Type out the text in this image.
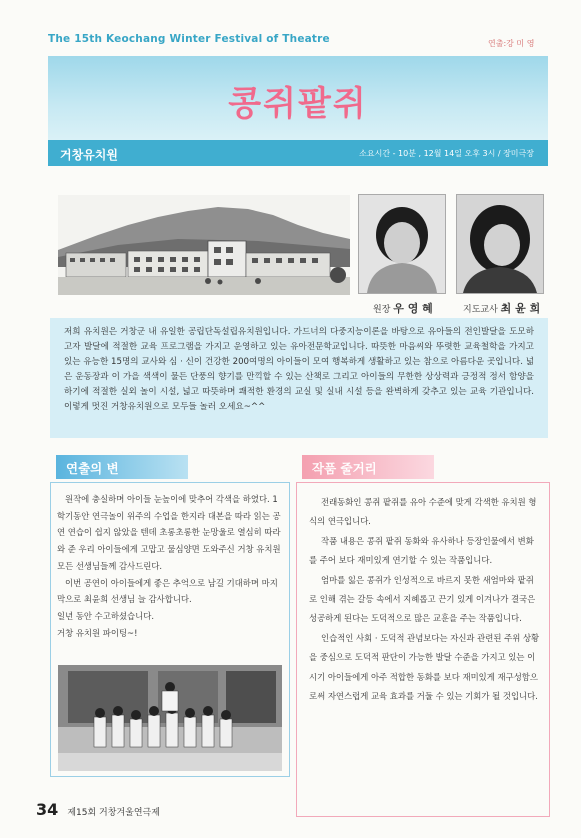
The 15th Keochang Winter Festival of Theatre	연출:강 미 영
콩쥐팥쥐
거창유치원	소요시간 - 10분 , 12월 14일 오후 3시 / 장미극장
원장 우 영 혜	지도교사 최 윤 희

저희 유치원은 거창군 내 유일한 공립단독설립유치원입니다. 가드너의 다중지능이론을 바탕으로 유아들의 전인발달을 도모하고자 발달에 적절한 교육 프로그램을 가지고 운영하고 있는 유아전문학교입니다. 따뜻한 마음씨와 뚜렷한 교육철학을 가지고 있는 유능한 15명의 교사와 심 · 신이 건강한 200여명의 아이들이 모여 행복하게 생활하고 있는 참으로 아름다운 곳입니다. 넓은 운동장과 이 가을 색색이 물든 단풍의 향기를 만끽할 수 있는 산책로 그리고 아이들의 무한한 상상력과 긍정적 정서 함양을 하기에 적절한 실외 놀이 시설, 넓고 따뜻하며 쾌적한 환경의 교실 및 실내 시설 등을 완벽하게 갖추고 있는 교육 기관입니다. 이렇게 멋진 거창유치원으로 모두들 놀러 오세요~^^

연출의 변

원작에 충실하며 아이들 눈높이에 맞추어 각색을 하였다. 1학기동안 연극놀이 위주의 수업을 한지라 대본을 따라 읽는 공연 연습이 쉽지 않았을 텐데 초롱초롱한 눈망울로 열심히 따라와 준 우리 아이들에게 고맙고 물심양면 도와주신 거창 유치원 모든 선생님들께 감사드린다.

이번 공연이 아이들에게 좋은 추억으로 남길 기대하며 마지막으로 최윤희 선생님 늘 감사합니다.

일년 동안 수고하셨습니다.

거창 유치원 파이팅~!

작품 줄거리

전래동화인 콩쥐 팥쥐를 유아 수준에 맞게 각색한 유치원 형식의 연극입니다.

작품 내용은 콩쥐 팥쥐 동화와 유사하나 등장인물에서 변화를 주어 보다 재미있게 연기할 수 있는 작품입니다.

엄마를 잃은 콩쥐가 인성적으로 바르지 못한 새엄마와 팥쥐로 인해 겪는 갈등 속에서 지혜롭고 끈기 있게 이겨나가 결국은 성공하게 된다는 도덕적으로 많은 교훈을 주는 작품입니다.

인습적인 사회 · 도덕적 관념보다는 자신과 관련된 주위 상황을 중심으로 도덕적 판단이 가능한 발달 수준을 가지고 있는 이 시기 아이들에게 아주 적합한 동화를 보다 재미있게 재구성함으로써 자연스럽게 교육 효과를 거둘 수 있는 기회가 될 것입니다.

34 제15회 거창겨울연극제
